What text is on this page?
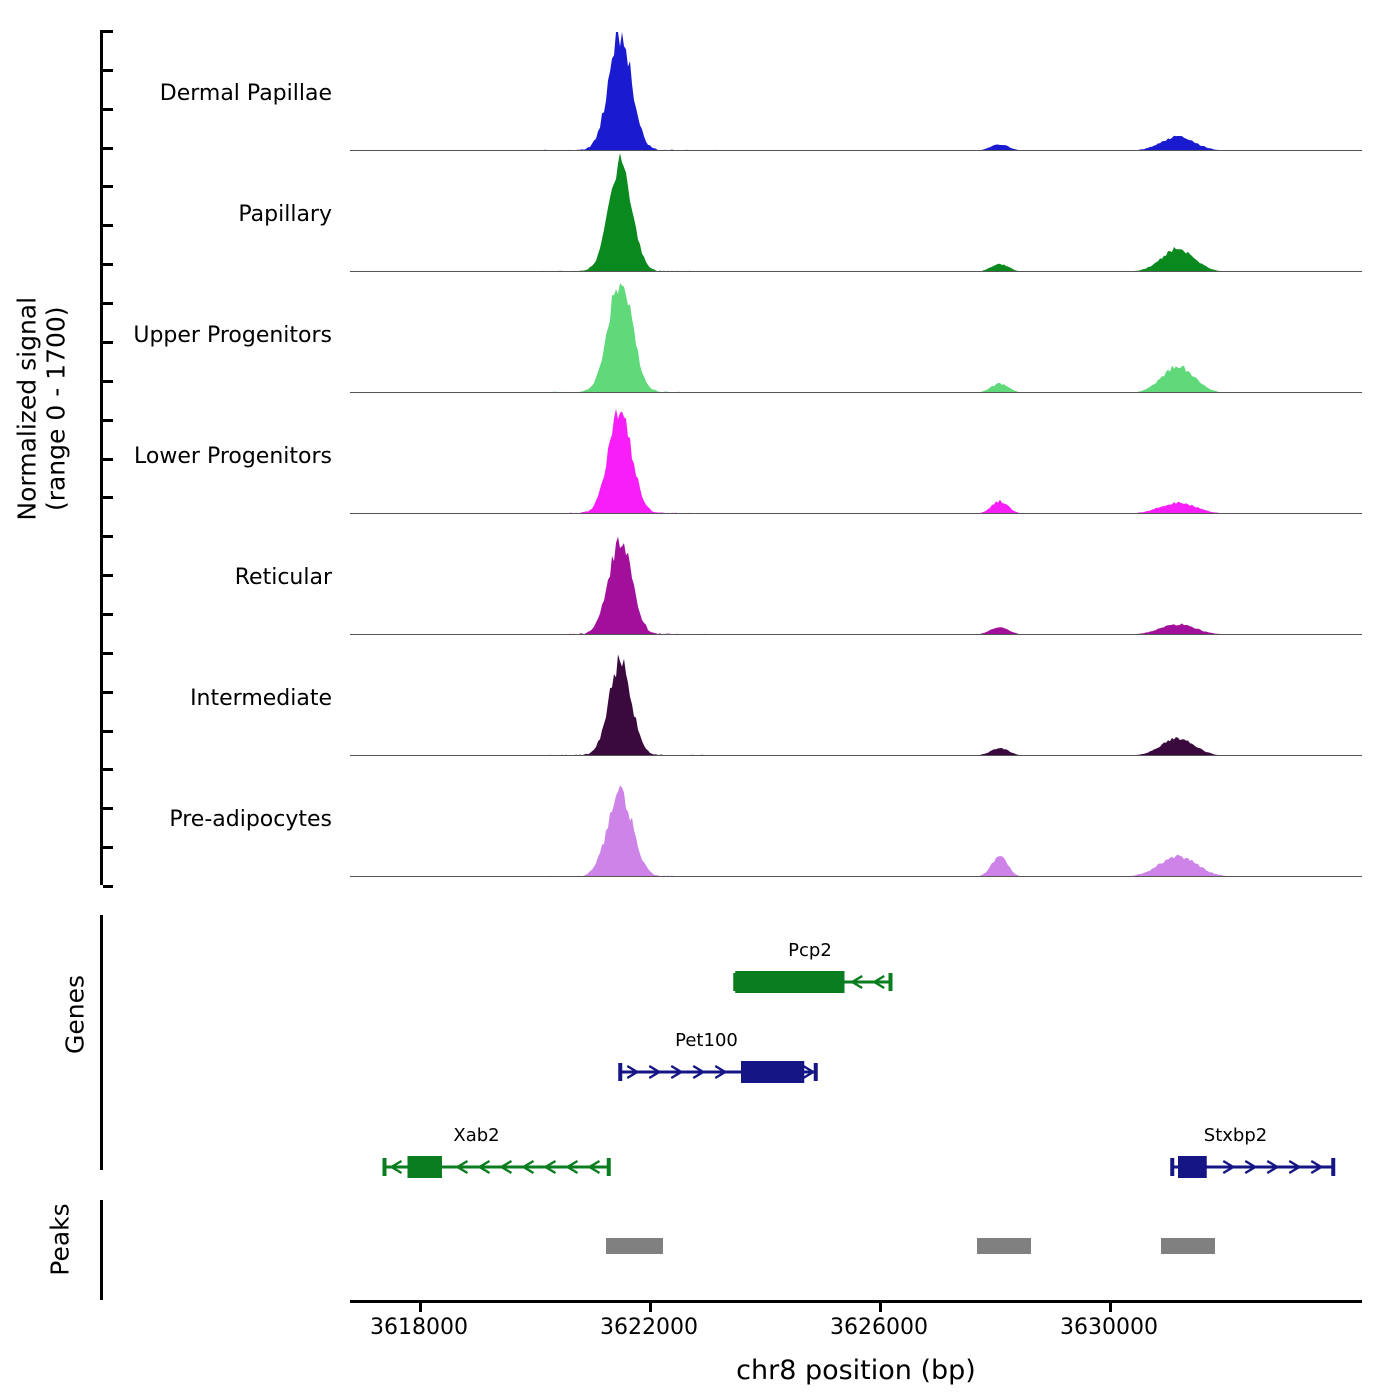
Normalized signal (range 0 - 1700)
Dermal Papillae
Papillary
Upper Progenitors
Lower Progenitors
Reticular
Intermediate
Pre-adipocytes
Genes
Pcp2
Pet100
Xab2	Stxbp2
Peaks
3618000	3622000	3626000	3630000
chr8 position (bp)
